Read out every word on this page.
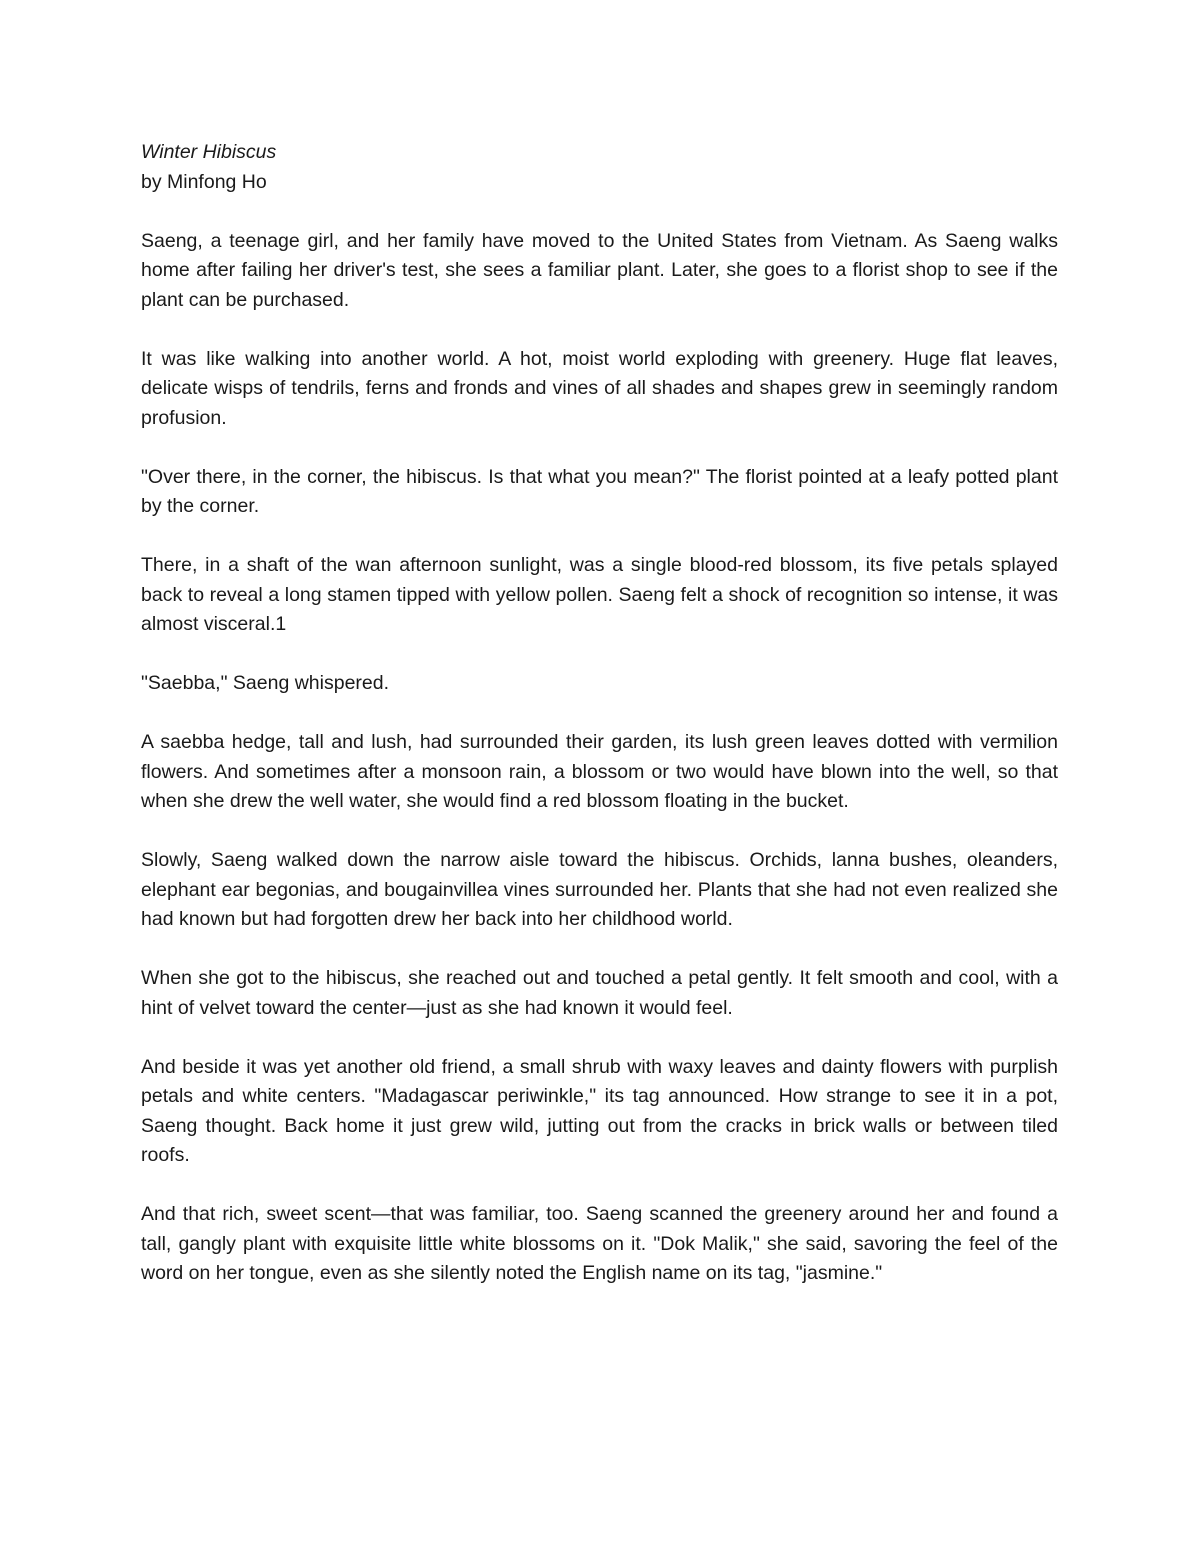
Winter Hibiscus

by Minfong Ho

Saeng, a teenage girl, and her family have moved to the United States from Vietnam. As Saeng walks home after failing her driver's test, she sees a familiar plant. Later, she goes to a florist shop to see if the plant can be purchased.

It was like walking into another world. A hot, moist world exploding with greenery. Huge flat leaves, delicate wisps of tendrils, ferns and fronds and vines of all shades and shapes grew in seemingly random profusion.

"Over there, in the corner, the hibiscus. Is that what you mean?" The florist pointed at a leafy potted plant by the corner.

There, in a shaft of the wan afternoon sunlight, was a single blood-red blossom, its five petals splayed back to reveal a long stamen tipped with yellow pollen. Saeng felt a shock of recognition so intense, it was almost visceral.1

"Saebba," Saeng whispered.

A saebba hedge, tall and lush, had surrounded their garden, its lush green leaves dotted with vermilion flowers. And sometimes after a monsoon rain, a blossom or two would have blown into the well, so that when she drew the well water, she would find a red blossom floating in the bucket.

Slowly, Saeng walked down the narrow aisle toward the hibiscus. Orchids, lanna bushes, oleanders, elephant ear begonias, and bougainvillea vines surrounded her. Plants that she had not even realized she had known but had forgotten drew her back into her childhood world.

When she got to the hibiscus, she reached out and touched a petal gently. It felt smooth and cool, with a hint of velvet toward the center—just as she had known it would feel.

And beside it was yet another old friend, a small shrub with waxy leaves and dainty flowers with purplish petals and white centers. "Madagascar periwinkle," its tag announced. How strange to see it in a pot, Saeng thought. Back home it just grew wild, jutting out from the cracks in brick walls or between tiled roofs.

And that rich, sweet scent—that was familiar, too. Saeng scanned the greenery around her and found a tall, gangly plant with exquisite little white blossoms on it. "Dok Malik," she said, savoring the feel of the word on her tongue, even as she silently noted the English name on its tag, "jasmine."
